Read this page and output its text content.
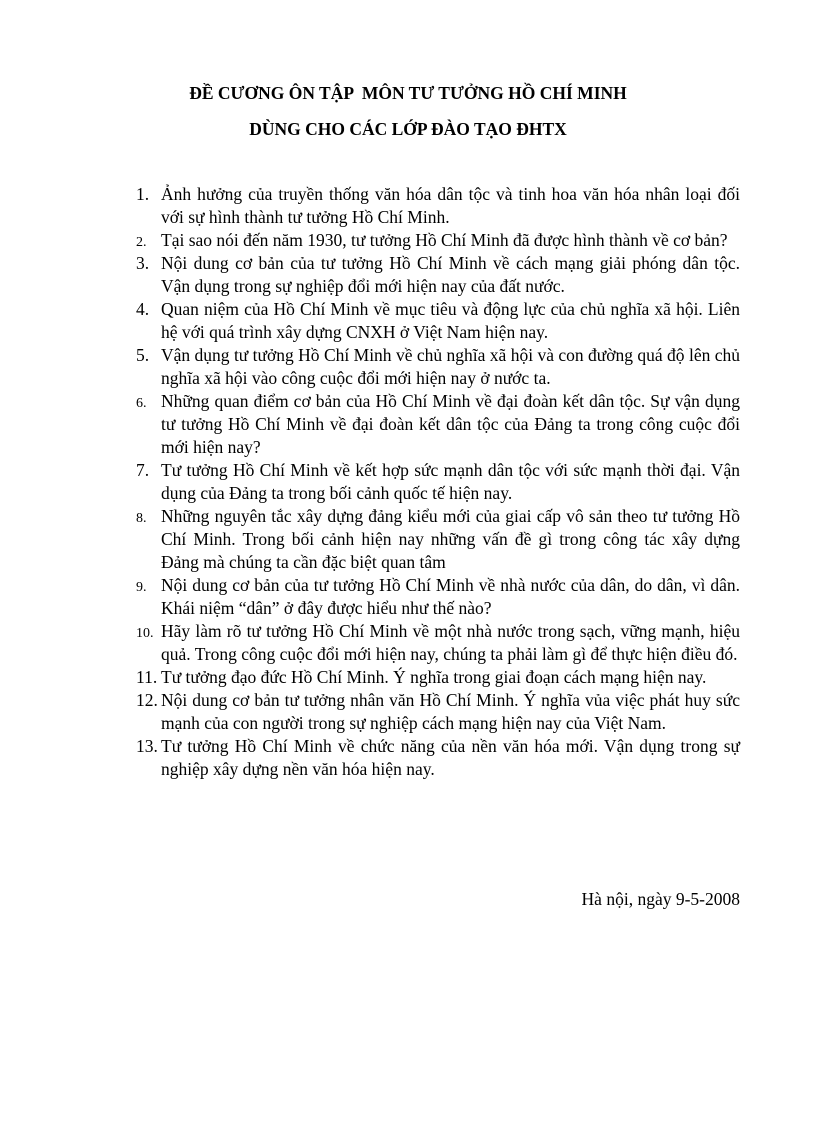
ĐỀ CƯƠNG ÔN TẬP  MÔN TƯ TƯỞNG HỒ CHÍ MINH
DÙNG CHO CÁC LỚP ĐÀO TẠO ĐHTX
1. Ảnh hưởng của truyền thống văn hóa dân tộc và tinh hoa văn hóa nhân loại đối với sự hình thành tư tưởng Hồ Chí Minh.
2. Tại sao nói đến năm 1930, tư tưởng Hồ Chí Minh đã được hình thành về cơ bản?
3. Nội dung cơ bản của tư tưởng Hồ Chí Minh về cách mạng giải phóng dân tộc. Vận dụng trong sự nghiệp đổi mới hiện nay của đất nước.
4. Quan niệm của Hồ Chí Minh về mục tiêu và động lực của chủ nghĩa xã hội. Liên hệ với quá trình xây dựng CNXH ở Việt Nam hiện nay.
5. Vận dụng tư tưởng Hồ Chí Minh về chủ nghĩa xã hội và con đường quá độ lên chủ nghĩa xã hội vào công cuộc đổi mới hiện nay ở nước ta.
6. Những quan điểm cơ bản của Hồ Chí Minh về đại đoàn kết dân tộc. Sự vận dụng tư tưởng Hồ Chí Minh về đại đoàn kết dân tộc của Đảng ta trong công cuộc đổi mới hiện nay?
7. Tư tưởng Hồ Chí Minh về kết hợp sức mạnh dân tộc với sức mạnh thời đại. Vận dụng của Đảng ta trong bối cảnh quốc tế hiện nay.
8. Những nguyên tắc xây dựng đảng kiểu mới của giai cấp vô sản theo tư tưởng Hồ Chí Minh. Trong bối cảnh hiện nay những vấn đề gì trong công tác xây dựng Đảng mà chúng ta cần đặc biệt quan tâm
9. Nội dung cơ bản của tư tưởng Hồ Chí Minh về nhà nước của dân, do dân, vì dân. Khái niệm “dân” ở đây được hiểu như thế nào?
10. Hãy làm rõ tư tưởng Hồ Chí Minh về một nhà nước trong sạch, vững mạnh, hiệu quả. Trong công cuộc đổi mới hiện nay, chúng ta phải làm gì để thực hiện điều đó.
11. Tư tưởng đạo đức Hồ Chí Minh. Ý nghĩa trong giai đoạn cách mạng hiện nay.
12. Nội dung cơ bản tư tưởng nhân văn Hồ Chí Minh. Ý nghĩa vủa việc phát huy sức mạnh của con người trong sự nghiệp cách mạng hiện nay của Việt Nam.
13. Tư tưởng Hồ Chí Minh về chức năng của nền văn hóa mới. Vận dụng trong sự nghiệp xây dựng nền văn hóa hiện nay.
Hà nội, ngày 9-5-2008
